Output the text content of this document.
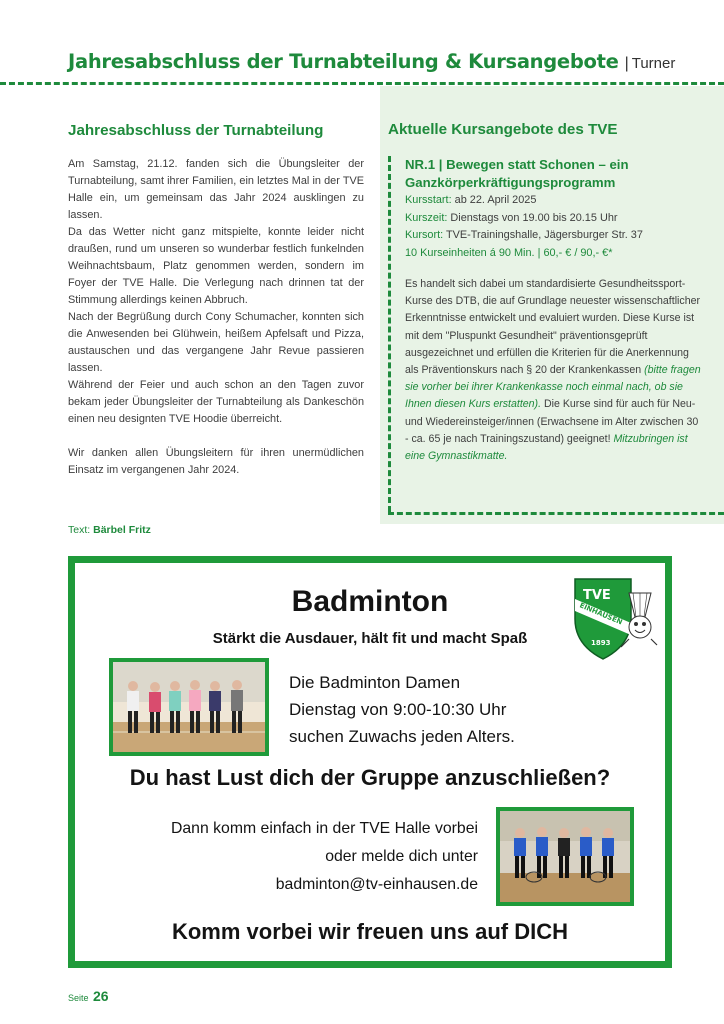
Jahresabschluss der Turnabteilung & Kursangebote | Turner
Jahresabschluss der Turnabteilung

Am Samstag, 21.12. fanden sich die Übungsleiter der Turnabteilung, samt ihrer Familien, ein letztes Mal in der TVE Halle ein, um gemeinsam das Jahr 2024 ausklingen zu lassen.

Da das Wetter nicht ganz mitspielte, konnte leider nicht draußen, rund um unseren so wunderbar festlich funkelnden Weihnachtsbaum, Platz genommen werden, sondern im Foyer der TVE Halle. Die Verlegung nach drinnen tat der Stimmung allerdings keinen Abbruch.

Nach der Begrüßung durch Cony Schumacher, konnten sich die Anwesenden bei Glühwein, heißem Apfelsaft und Pizza, austauschen und das vergangene Jahr Revue passieren lassen.

Während der Feier und auch schon an den Tagen zuvor bekam jeder Übungsleiter der Turnabteilung als Dankeschön einen neu designten TVE Hoodie überreicht.

Wir danken allen Übungsleitern für ihren unermüdlichen Einsatz im vergangenen Jahr 2024.

Text: Bärbel Fritz
Aktuelle Kursangebote des TVE
NR.1 | Bewegen statt Schonen – ein Ganzkörperkräftigungsprogramm
Kursstart: ab 22. April 2025
Kurszeit: Dienstags von 19.00 bis 20.15 Uhr
Kursort: TVE-Trainingshalle, Jägersburger Str. 37
10 Kurseinheiten á 90 Min. | 60,- € / 90,- €*
Es handelt sich dabei um standardisierte Gesundheitssport-Kurse des DTB, die auf Grundlage neuester wissenschaftlicher Erkenntnisse entwickelt und evaluiert wurden. Diese Kurse ist mit dem "Pluspunkt Gesundheit" präventionsgeprüft ausgezeichnet und erfüllen die Kriterien für die Anerkennung als Präventionskurs nach § 20 der Krankenkassen (bitte fragen sie vorher bei ihrer Krankenkasse noch einmal nach, ob sie Ihnen diesen Kurs erstatten). Die Kurse sind für auch für Neu- und Wiedereinsteiger/innen (Erwachsene im Alter zwischen 30 - ca. 65 je nach Trainingszustand) geeignet! Mitzubringen ist eine Gymnastikmatte.
Badminton
Stärkt die Ausdauer, hält fit und macht Spaß
Die Badminton Damen
Dienstag von 9:00-10:30 Uhr
suchen Zuwachs jeden Alters.
Du hast Lust dich der Gruppe anzuschließen?
Dann komm einfach in der TVE Halle vorbei
oder melde dich unter
badminton@tv-einhausen.de
Komm vorbei wir freuen uns auf DICH
TVE
EINHAUSEN
1893
Seite 26
